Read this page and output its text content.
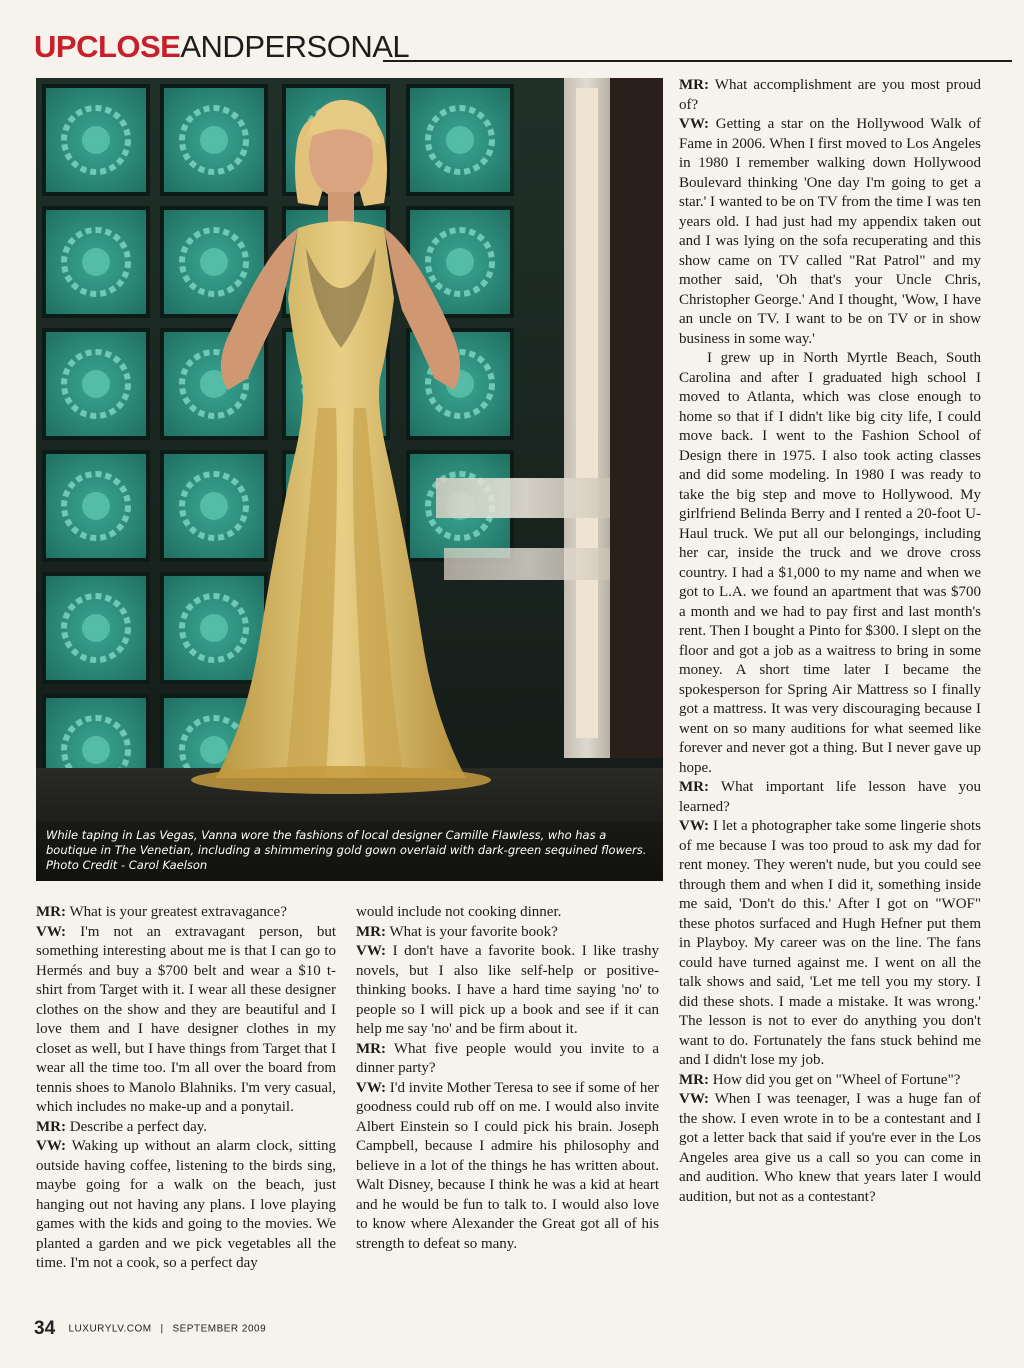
UPCLOSEANDPERSONAL
While taping in Las Vegas, Vanna wore the fashions of local designer Camille Flawless, who has a boutique in The Venetian, including a shimmering gold gown overlaid with dark-green sequined flowers. Photo Credit - Carol Kaelson

MR: What is your greatest extravagance?

VW: I'm not an extravagant person, but something interesting about me is that I can go to Hermés and buy a $700 belt and wear a $10 t-shirt from Target with it. I wear all these designer clothes on the show and they are beautiful and I love them and I have designer clothes in my closet as well, but I have things from Target that I wear all the time too. I'm all over the board from tennis shoes to Manolo Blahniks. I'm very casual, which includes no make-up and a ponytail.

MR: Describe a perfect day.

VW: Waking up without an alarm clock, sitting outside having coffee, listening to the birds sing, maybe going for a walk on the beach, just hanging out not having any plans. I love playing games with the kids and going to the movies. We planted a garden and we pick vegetables all the time. I'm not a cook, so a perfect day

would include not cooking dinner.

MR: What is your favorite book?

VW: I don't have a favorite book. I like trashy novels, but I also like self-help or positive-thinking books. I have a hard time saying 'no' to people so I will pick up a book and see if it can help me say 'no' and be firm about it.

MR: What five people would you invite to a dinner party?

VW: I'd invite Mother Teresa to see if some of her goodness could rub off on me. I would also invite Albert Einstein so I could pick his brain. Joseph Campbell, because I admire his philosophy and believe in a lot of the things he has written about. Walt Disney, because I think he was a kid at heart and he would be fun to talk to. I would also love to know where Alexander the Great got all of his strength to defeat so many.

MR: What accomplishment are you most proud of?

VW: Getting a star on the Hollywood Walk of Fame in 2006. When I first moved to Los Angeles in 1980 I remember walking down Hollywood Boulevard thinking 'One day I'm going to get a star.' I wanted to be on TV from the time I was ten years old. I had just had my appendix taken out and I was lying on the sofa recuperating and this show came on TV called "Rat Patrol" and my mother said, 'Oh that's your Uncle Chris, Christopher George.' And I thought, 'Wow, I have an uncle on TV. I want to be on TV or in show business in some way.'

I grew up in North Myrtle Beach, South Carolina and after I graduated high school I moved to Atlanta, which was close enough to home so that if I didn't like big city life, I could move back. I went to the Fashion School of Design there in 1975. I also took acting classes and did some modeling. In 1980 I was ready to take the big step and move to Hollywood. My girlfriend Belinda Berry and I rented a 20-foot U-Haul truck. We put all our belongings, including her car, inside the truck and we drove cross country. I had a $1,000 to my name and when we got to L.A. we found an apartment that was $700 a month and we had to pay first and last month's rent. Then I bought a Pinto for $300. I slept on the floor and got a job as a waitress to bring in some money. A short time later I became the spokesperson for Spring Air Mattress so I finally got a mattress. It was very discouraging because I went on so many auditions for what seemed like forever and never got a thing. But I never gave up hope.

MR: What important life lesson have you learned?

VW: I let a photographer take some lingerie shots of me because I was too proud to ask my dad for rent money. They weren't nude, but you could see through them and when I did it, something inside me said, 'Don't do this.' After I got on "WOF" these photos surfaced and Hugh Hefner put them in Playboy. My career was on the line. The fans could have turned against me. I went on all the talk shows and said, 'Let me tell you my story. I did these shots. I made a mistake. It was wrong.' The lesson is not to ever do anything you don't want to do. Fortunately the fans stuck behind me and I didn't lose my job.

MR: How did you get on "Wheel of Fortune"?

VW: When I was teenager, I was a huge fan of the show. I even wrote in to be a contestant and I got a letter back that said if you're ever in the Los Angeles area give us a call so you can come in and audition. Who knew that years later I would audition, but not as a contestant?

34 LUXURYLV.COM | SEPTEMBER 2009
